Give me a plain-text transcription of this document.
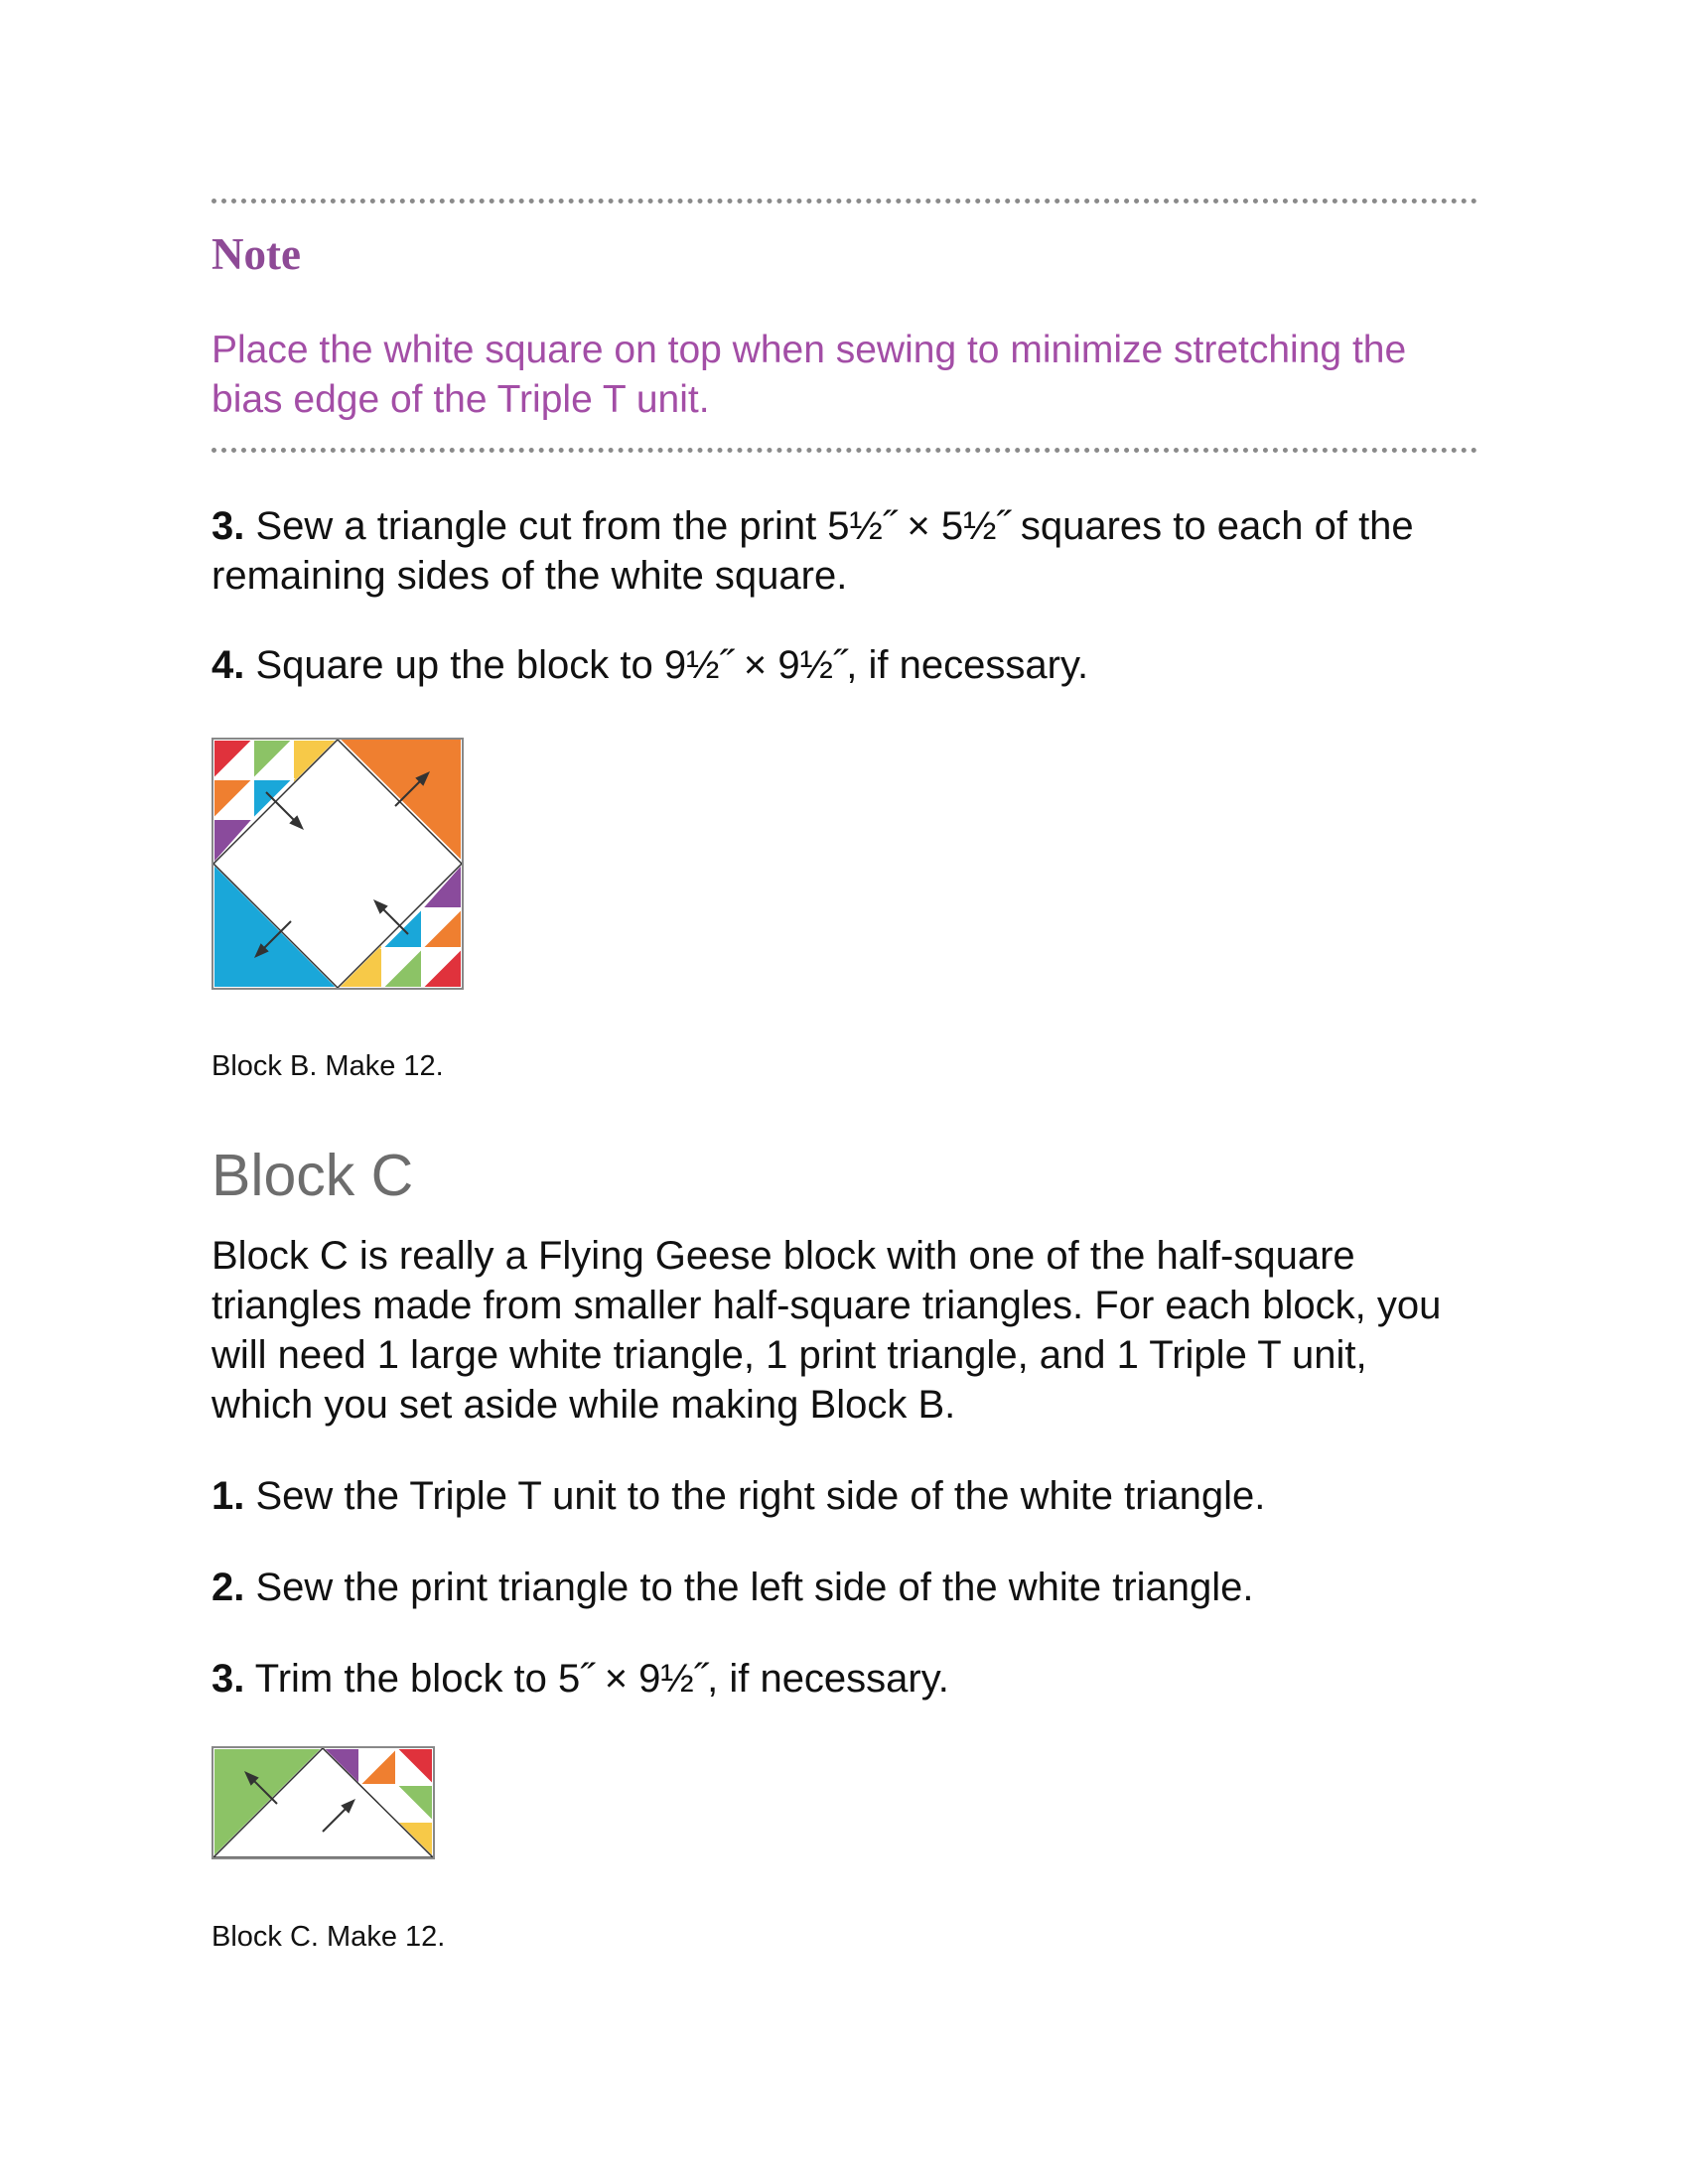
Note
Place the white square on top when sewing to minimize stretching the bias edge of the Triple T unit.
3. Sew a triangle cut from the print 5½˝ × 5½˝ squares to each of the remaining sides of the white square.
4. Square up the block to 9½˝ × 9½˝, if necessary.
Block B. Make 12.
Block C
Block C is really a Flying Geese block with one of the half-square triangles made from smaller half-square triangles. For each block, you will need 1 large white triangle, 1 print triangle, and 1 Triple T unit, which you set aside while making Block B.
1. Sew the Triple T unit to the right side of the white triangle.
2. Sew the print triangle to the left side of the white triangle.
3. Trim the block to 5˝ × 9½˝, if necessary.
Block C. Make 12.
